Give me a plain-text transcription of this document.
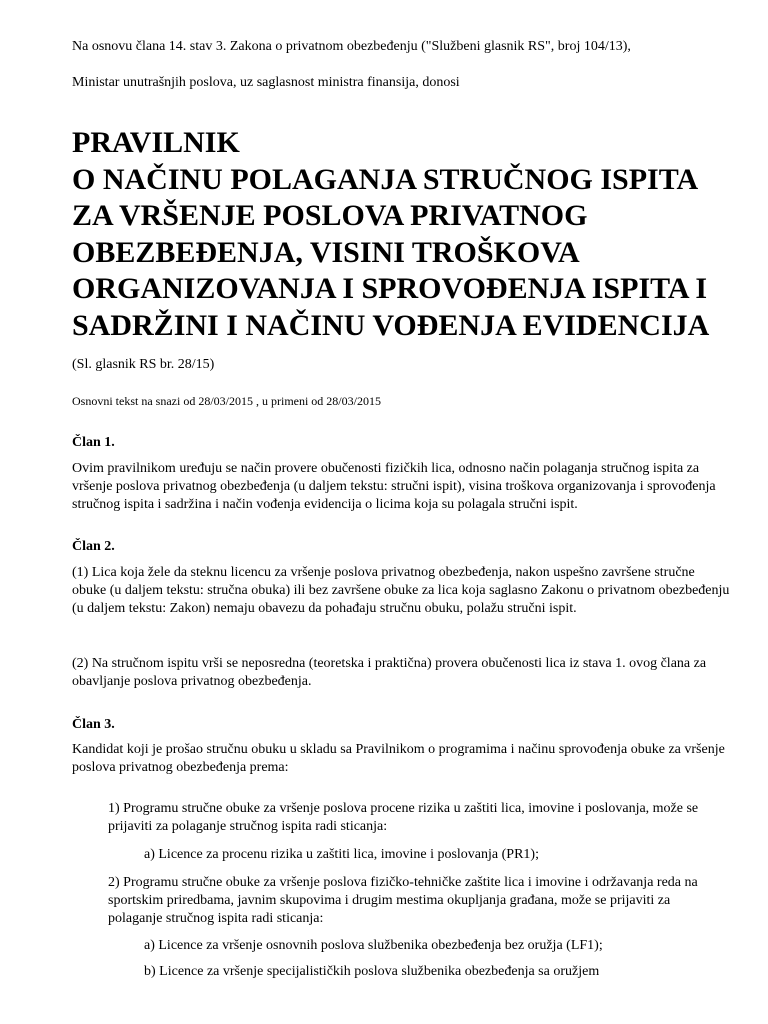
Na osnovu člana 14. stav 3. Zakona o privatnom obezbeđenju ("Službeni glasnik RS", broj 104/13),

Ministar unutrašnjih poslova, uz saglasnost ministra finansija, donosi

PRAVILNIK
O NAČINU POLAGANJA STRUČNOG ISPITA
ZA VRŠENJE POSLOVA PRIVATNOG
OBEZBEĐENJA, VISINI TROŠKOVA
ORGANIZOVANJA I SPROVOĐENJA ISPITA I
SADRŽINI I NAČINU VOĐENJA EVIDENCIJA

(Sl. glasnik RS br. 28/15)

Osnovni tekst na snazi od 28/03/2015 , u primeni od 28/03/2015

Član 1.

Ovim pravilnikom uređuju se način provere obučenosti fizičkih lica, odnosno način polaganja stručnog ispita za vršenje poslova privatnog obezbeđenja (u daljem tekstu: stručni ispit), visina troškova organizovanja i sprovođenja stručnog ispita i sadržina i način vođenja evidencija o licima koja su polagala stručni ispit.

Član 2.

(1) Lica koja žele da steknu licencu za vršenje poslova privatnog obezbeđenja, nakon uspešno završene stručne obuke (u daljem tekstu: stručna obuka) ili bez završene obuke za lica koja saglasno Zakonu o privatnom obezbeđenju (u daljem tekstu: Zakon) nemaju obavezu da pohađaju stručnu obuku, polažu stručni ispit.

(2) Na stručnom ispitu vrši se neposredna (teoretska i praktična) provera obučenosti lica iz stava 1. ovog člana za obavljanje poslova privatnog obezbeđenja.

Član 3.

Kandidat koji je prošao stručnu obuku u skladu sa Pravilnikom o programima i načinu sprovođenja obuke za vršenje poslova privatnog obezbeđenja prema:

1) Programu stručne obuke za vršenje poslova procene rizika u zaštiti lica, imovine i poslovanja, može se prijaviti za polaganje stručnog ispita radi sticanja:

a) Licence za procenu rizika u zaštiti lica, imovine i poslovanja (PR1);

2) Programu stručne obuke za vršenje poslova fizičko-tehničke zaštite lica i imovine i održavanja reda na sportskim priredbama, javnim skupovima i drugim mestima okupljanja građana, može se prijaviti za polaganje stručnog ispita radi sticanja:

a) Licence za vršenje osnovnih poslova službenika obezbeđenja bez oružja (LF1);

b) Licence za vršenje specijalističkih poslova službenika obezbeđenja sa oružjem
